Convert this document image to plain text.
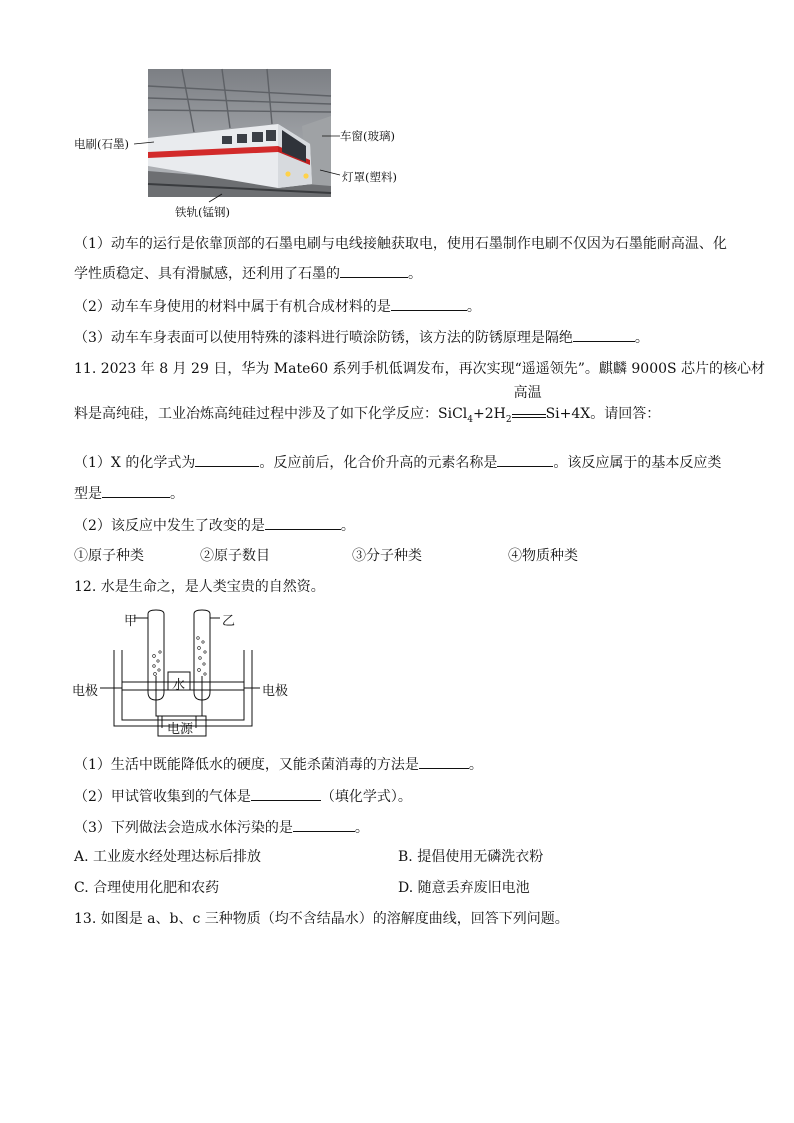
电刷(石墨)
车窗(玻璃)
灯罩(塑料)
铁轨(锰钢)
（1）动车的运行是依靠顶部的石墨电刷与电线接触获取电，使用石墨制作电刷不仅因为石墨能耐高温、化
学性质稳定、具有滑腻感，还利用了石墨的	。
（2）动车车身使用的材料中属于有机合成材料的是	。
（3）动车车身表面可以使用特殊的漆料进行喷涂防锈，该方法的防锈原理是隔绝	。
11. 2023 年 8 月 29 日，华为 Mate60 系列手机低调发布，再次实现“遥遥领先”。麒麟 9000S 芯片的核心材
料是高纯硅，工业冶炼高纯硅过程中涉及了如下化学反应：$SiCl_4+2H_2$
高温
Si+4X。请回答：
（1）X 的化学式为	。反应前后，化合价升高的元素名称是	。该反应属于的基本反应类
型是	。
（2）该反应中发生了改变的是	。
①原子种类	②原子数目	③分子种类	④物质种类
12. 水是生命之，是人类宝贵的自然资。
甲	乙
电极	电极
水
电源
（1）生活中既能降低水的硬度，又能杀菌消毒的方法是	。
（2）甲试管收集到的气体是	（填化学式）。
（3）下列做法会造成水体污染的是	。
A. 工业废水经处理达标后排放	B. 提倡使用无磷洗衣粉
C. 合理使用化肥和农药	D. 随意丢弃废旧电池
13. 如图是 a、b、c 三种物质（均不含结晶水）的溶解度曲线，回答下列问题。
